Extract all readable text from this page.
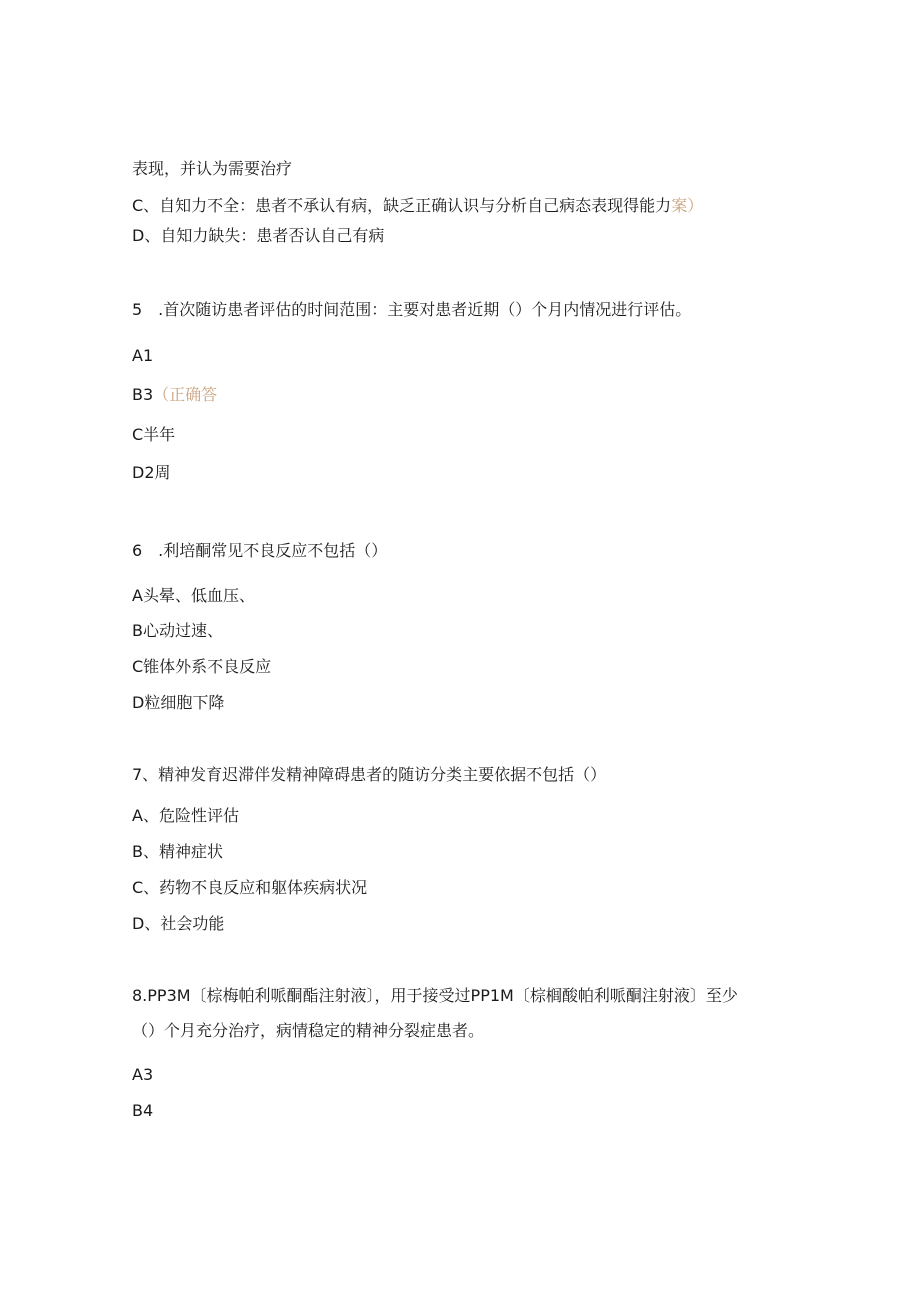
表现，并认为需要治疗
C、自知力不全：患者不承认有病，缺乏正确认识与分析自己病态表现得能力案）
D、自知力缺失：患者否认自己有病
5　.首次随访患者评估的时间范围：主要对患者近期（）个月内情况进行评估。
A1
B3（正确答
C半年
D2周
6　.利培酮常见不良反应不包括（）
A头晕、低血压、
B心动过速、
C锥体外系不良反应
D粒细胞下降
7、精神发育迟滞伴发精神障碍患者的随访分类主要依据不包括（）
A、危险性评估
B、精神症状
C、药物不良反应和躯体疾病状况
D、社会功能
8.PP3M〔棕梅帕利哌酮酯注射液〕，用于接受过PP1M〔棕榈酸帕利哌酮注射液〕至少
（）个月充分治疗，病情稳定的精神分裂症患者。
A3
B4
